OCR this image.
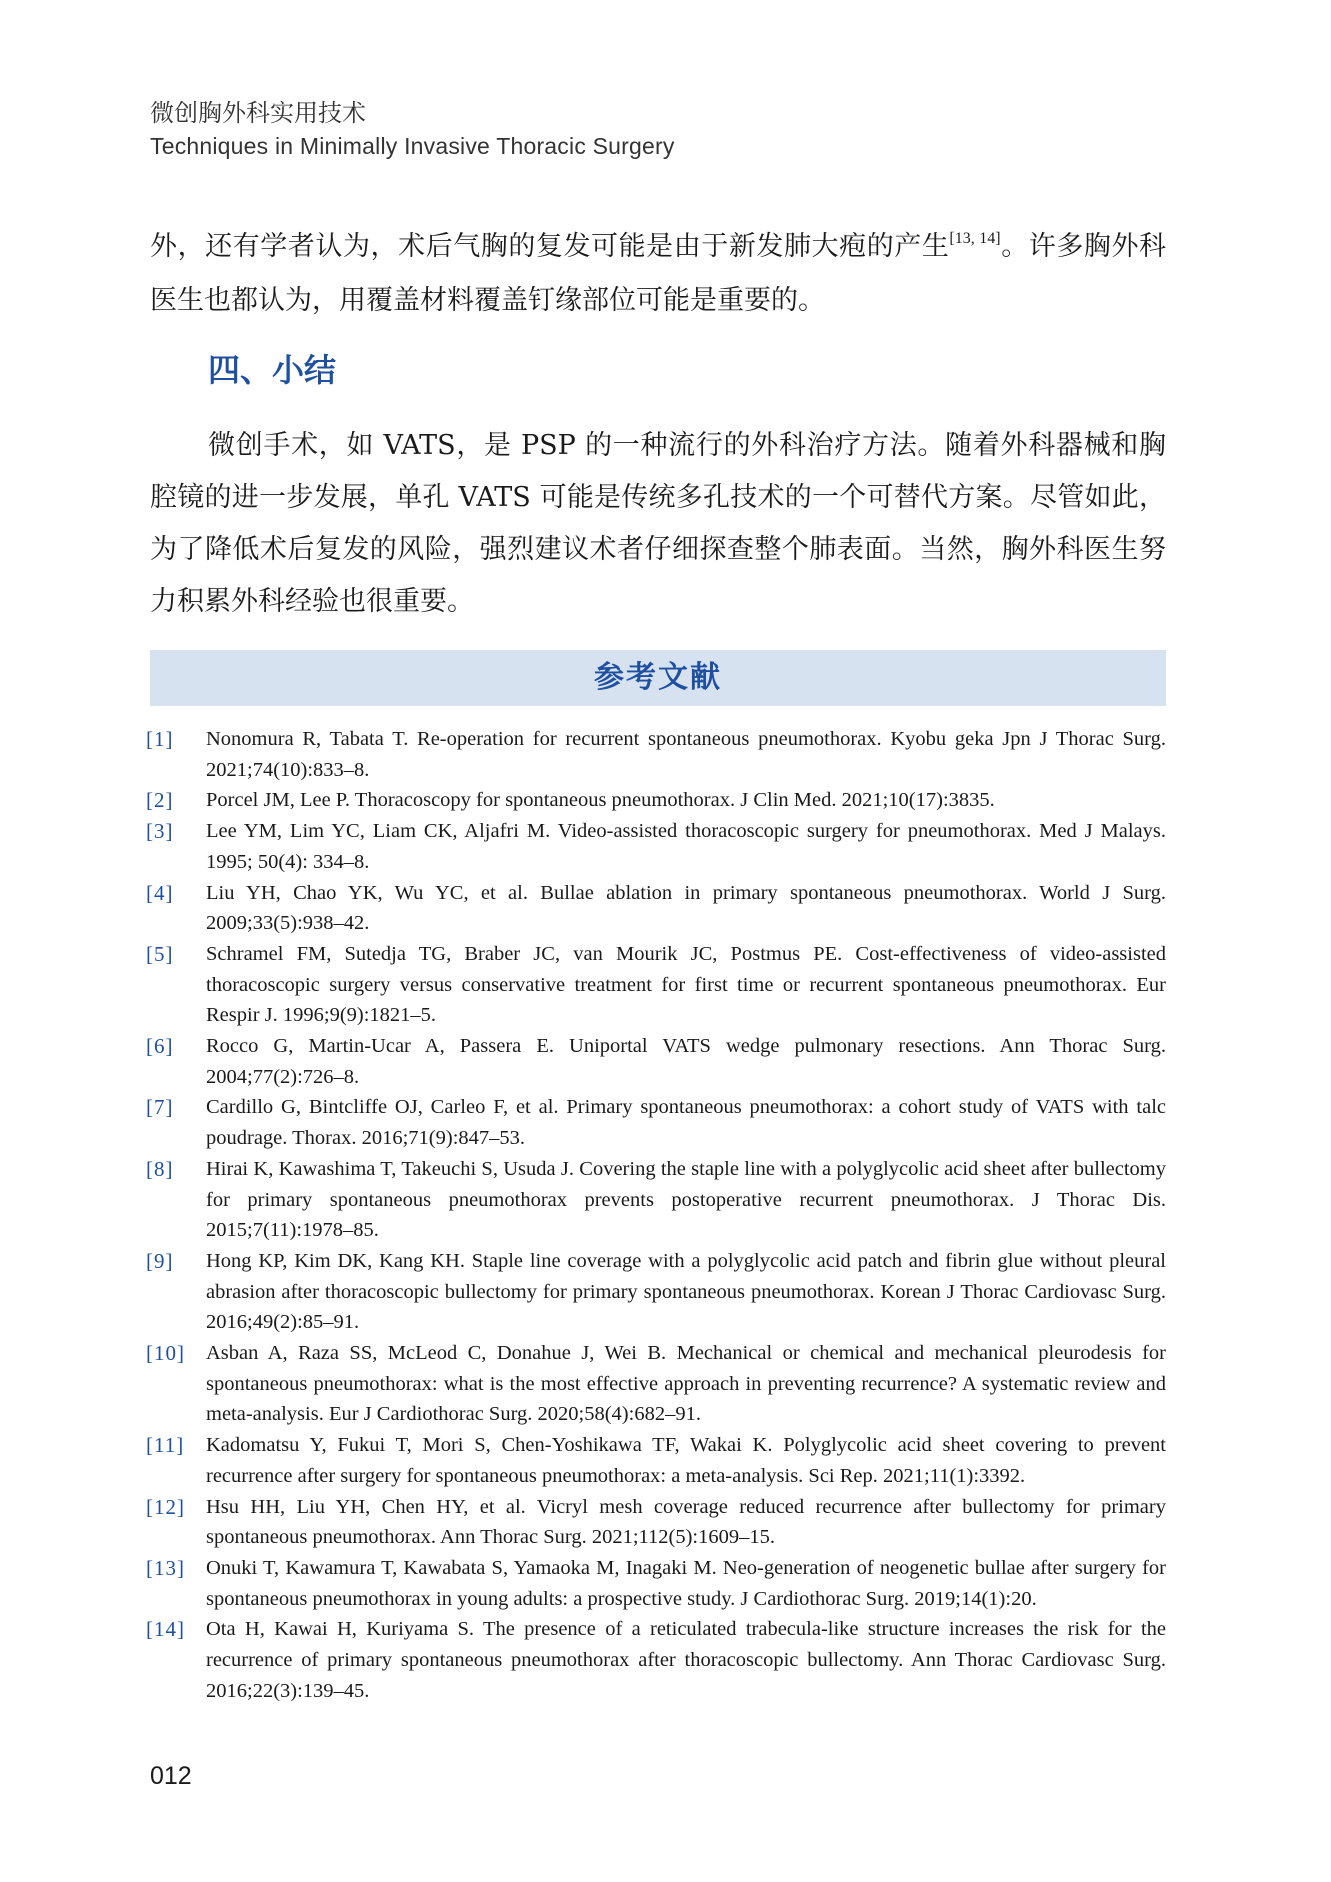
微创胸外科实用技术
Techniques in Minimally Invasive Thoracic Surgery

外，还有学者认为，术后气胸的复发可能是由于新发肺大疱的产生[13, 14]。许多胸外科医生也都认为，用覆盖材料覆盖钉缘部位可能是重要的。

四、小结

微创手术，如 VATS，是 PSP 的一种流行的外科治疗方法。随着外科器械和胸腔镜的进一步发展，单孔 VATS 可能是传统多孔技术的一个可替代方案。尽管如此，为了降低术后复发的风险，强烈建议术者仔细探查整个肺表面。当然，胸外科医生努力积累外科经验也很重要。

参考文献
[1] Nonomura R, Tabata T. Re-operation for recurrent spontaneous pneumothorax. Kyobu geka Jpn J Thorac Surg. 2021;74(10):833–8.
[2] Porcel JM, Lee P. Thoracoscopy for spontaneous pneumothorax. J Clin Med. 2021;10(17):3835.
[3] Lee YM, Lim YC, Liam CK, Aljafri M. Video-assisted thoracoscopic surgery for pneumothorax. Med J Malays. 1995; 50(4): 334–8.
[4] Liu YH, Chao YK, Wu YC, et al. Bullae ablation in primary spontaneous pneumothorax. World J Surg. 2009;33(5):938–42.
[5] Schramel FM, Sutedja TG, Braber JC, van Mourik JC, Postmus PE. Cost-effectiveness of video-assisted thoracoscopic surgery versus conservative treatment for first time or recurrent spontaneous pneumothorax. Eur Respir J. 1996;9(9):1821–5.
[6] Rocco G, Martin-Ucar A, Passera E. Uniportal VATS wedge pulmonary resections. Ann Thorac Surg. 2004;77(2):726–8.
[7] Cardillo G, Bintcliffe OJ, Carleo F, et al. Primary spontaneous pneumothorax: a cohort study of VATS with talc poudrage. Thorax. 2016;71(9):847–53.
[8] Hirai K, Kawashima T, Takeuchi S, Usuda J. Covering the staple line with a polyglycolic acid sheet after bullectomy for primary spontaneous pneumothorax prevents postoperative recurrent pneumothorax. J Thorac Dis. 2015;7(11):1978–85.
[9] Hong KP, Kim DK, Kang KH. Staple line coverage with a polyglycolic acid patch and fibrin glue without pleural abrasion after thoracoscopic bullectomy for primary spontaneous pneumothorax. Korean J Thorac Cardiovasc Surg. 2016;49(2):85–91.
[10] Asban A, Raza SS, McLeod C, Donahue J, Wei B. Mechanical or chemical and mechanical pleurodesis for spontaneous pneumothorax: what is the most effective approach in preventing recurrence? A systematic review and meta-analysis. Eur J Cardiothorac Surg. 2020;58(4):682–91.
[11] Kadomatsu Y, Fukui T, Mori S, Chen-Yoshikawa TF, Wakai K. Polyglycolic acid sheet covering to prevent recurrence after surgery for spontaneous pneumothorax: a meta-analysis. Sci Rep. 2021;11(1):3392.
[12] Hsu HH, Liu YH, Chen HY, et al. Vicryl mesh coverage reduced recurrence after bullectomy for primary spontaneous pneumothorax. Ann Thorac Surg. 2021;112(5):1609–15.
[13] Onuki T, Kawamura T, Kawabata S, Yamaoka M, Inagaki M. Neo-generation of neogenetic bullae after surgery for spontaneous pneumothorax in young adults: a prospective study. J Cardiothorac Surg. 2019;14(1):20.
[14] Ota H, Kawai H, Kuriyama S. The presence of a reticulated trabecula-like structure increases the risk for the recurrence of primary spontaneous pneumothorax after thoracoscopic bullectomy. Ann Thorac Cardiovasc Surg. 2016;22(3):139–45.
012
